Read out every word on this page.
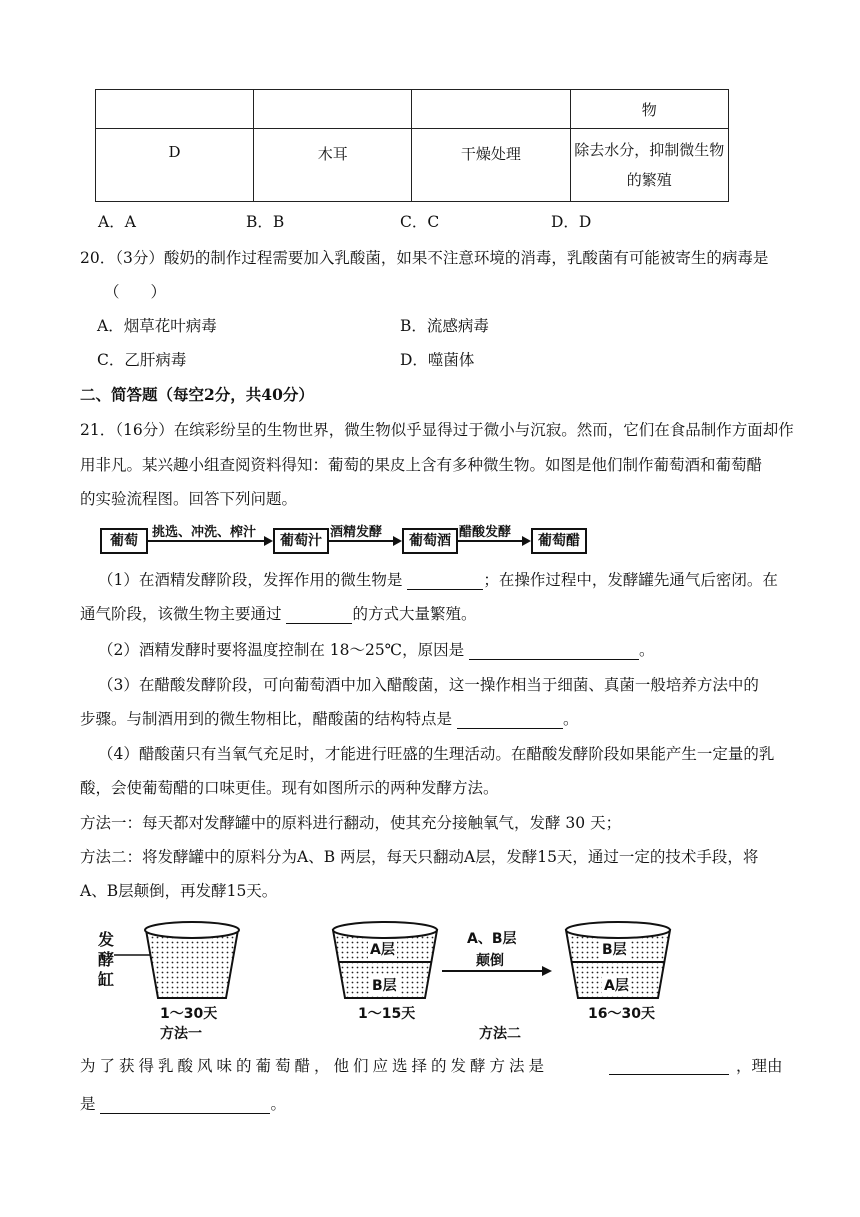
			物
D	木耳	干燥处理	除去水分，抑制微生物
的繁殖
A．A	B．B	C．C	D．D
20．（3分）酸奶的制作过程需要加入乳酸菌，如果不注意环境的消毒，乳酸菌有可能被寄生的病毒是
（　　）
A．烟草花叶病毒	B．流感病毒
C．乙肝病毒	D．噬菌体
二、简答题（每空2分，共40分）
21．（16分）在缤彩纷呈的生物世界，微生物似乎显得过于微小与沉寂。然而，它们在食品制作方面却作
用非凡。某兴趣小组查阅资料得知：葡萄的果皮上含有多种微生物。如图是他们制作葡萄酒和葡萄醋
的实验流程图。回答下列问题。
葡萄
挑选、冲洗、榨汁
葡萄汁
酒精发酵
葡萄酒
醋酸发酵
葡萄醋
（1）在酒精发酵阶段，发挥作用的微生物是	；在操作过程中，发酵罐先通气后密闭。在
通气阶段，该微生物主要通过	的方式大量繁殖。
（2）酒精发酵时要将温度控制在 18～25℃，原因是	。
（3）在醋酸发酵阶段，可向葡萄酒中加入醋酸菌，这一操作相当于细菌、真菌一般培养方法中的
步骤。与制酒用到的微生物相比，醋酸菌的结构特点是	。
（4）醋酸菌只有当氧气充足时，才能进行旺盛的生理活动。在醋酸发酵阶段如果能产生一定量的乳
酸，会使葡萄醋的口味更佳。现有如图所示的两种发酵方法。
方法一：每天都对发酵罐中的原料进行翻动，使其充分接触氧气，发酵 30 天；
方法二：将发酵罐中的原料分为A、B 两层，每天只翻动A层，发酵15天，通过一定的技术手段，将
A、B层颠倒，再发酵15天。
发
酵
缸
1～30天
方法一
A层
B层
1～15天
A、B层
颠倒
方法二
B层
A层
16～30天
为了获得乳酸风味的葡萄醋，他们应选择的发酵方法是	，理由
是	。
